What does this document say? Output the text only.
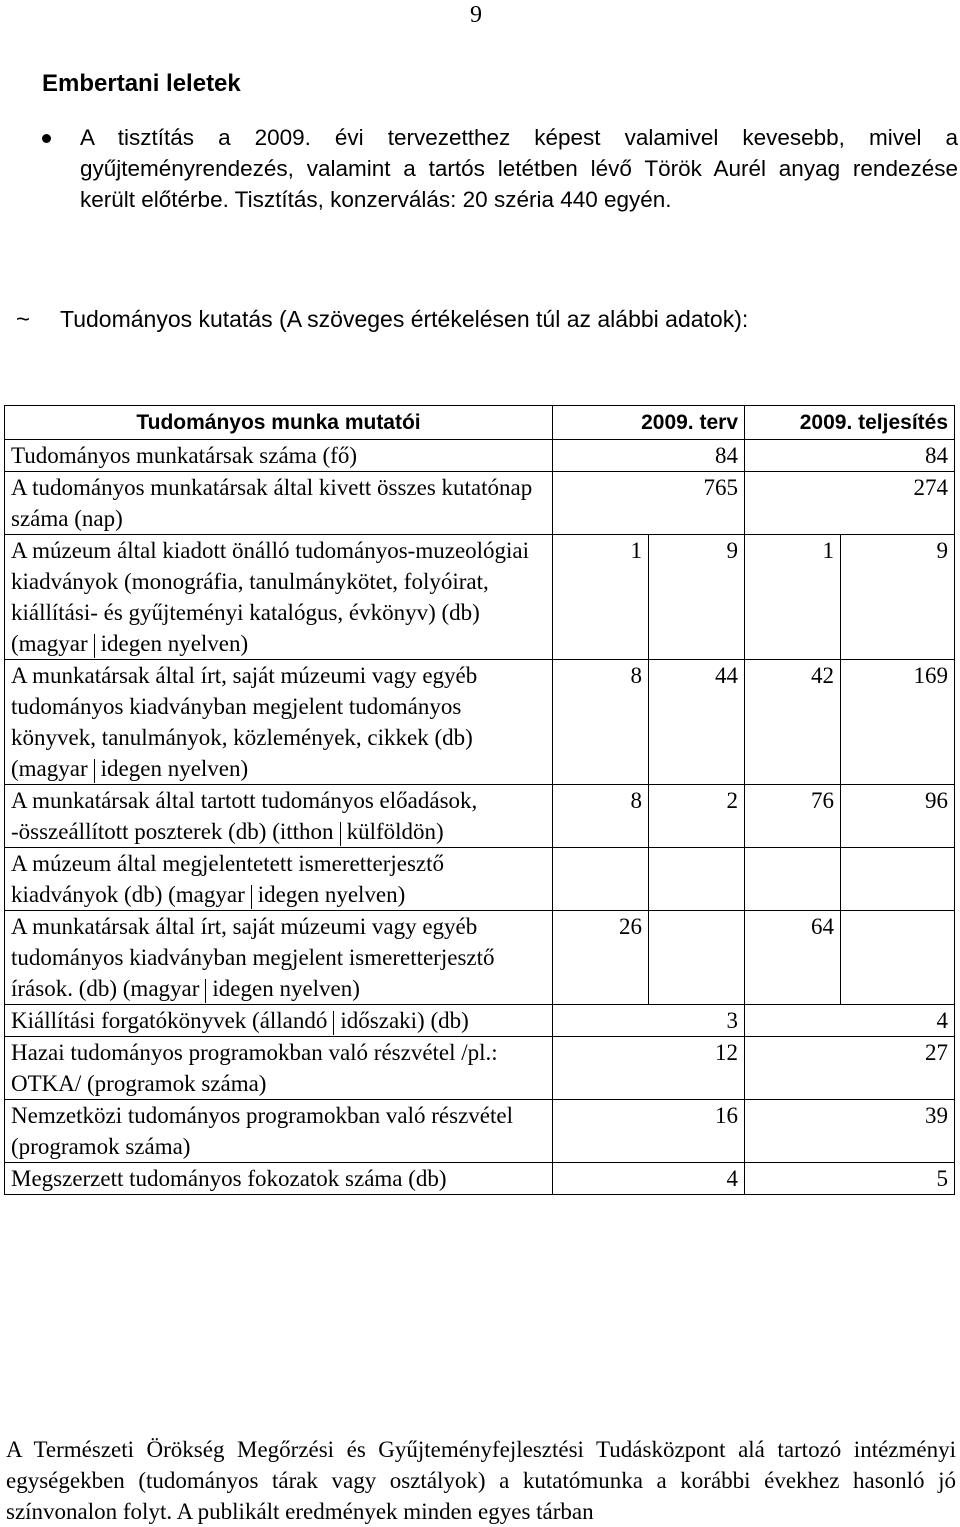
9
Embertani leletek
A tisztítás a 2009. évi tervezetthez képest valamivel kevesebb, mivel a gyűjteményrendezés, valamint a tartós letétben lévő Török Aurél anyag rendezése került előtérbe. Tisztítás, konzerválás: 20 széria 440 egyén.
~ Tudományos kutatás (A szöveges értékelésen túl az alábbi adatok):
Tudományos munka mutatói	2009. terv		2009. teljesítés	
Tudományos munkatársak száma (fő)	84		84	
A tudományos munkatársak által kivett összes kutatónap száma (nap)	765		274	
A múzeum által kiadott önálló tudományos-muzeológiai kiadványok (monográfia, tanulmánykötet, folyóirat, kiállítási- és gyűjteményi katalógus, évkönyv) (db) (magyar idegen nyelven)	1	9	1	9
A munkatársak által írt, saját múzeumi vagy egyéb tudományos kiadványban megjelent tudományos könyvek, tanulmányok, közlemények, cikkek (db) (magyar idegen nyelven)	8	44	42	169
A munkatársak által tartott tudományos előadások, -összeállított poszterek (db) (itthon külföldön)	8	2	76	96
A múzeum által megjelentetett ismeretterjesztő kiadványok (db) (magyar idegen nyelven)				
A munkatársak által írt, saját múzeumi vagy egyéb tudományos kiadványban megjelent ismeretterjesztő írások. (db) (magyar idegen nyelven)	26		64	
Kiállítási forgatókönyvek (állandó időszaki) (db)	3		4	
Hazai tudományos programokban való részvétel /pl.: OTKA/ (programok száma)	12		27	
Nemzetközi tudományos programokban való részvétel (programok száma)	16		39	
Megszerzett tudományos fokozatok száma (db)	4		5	
A Természeti Örökség Megőrzési és Gyűjteményfejlesztési Tudásközpont alá tartozó intézményi egységekben (tudományos tárak vagy osztályok) a kutatómunka a korábbi évekhez hasonló jó színvonalon folyt. A publikált eredmények minden egyes tárban
